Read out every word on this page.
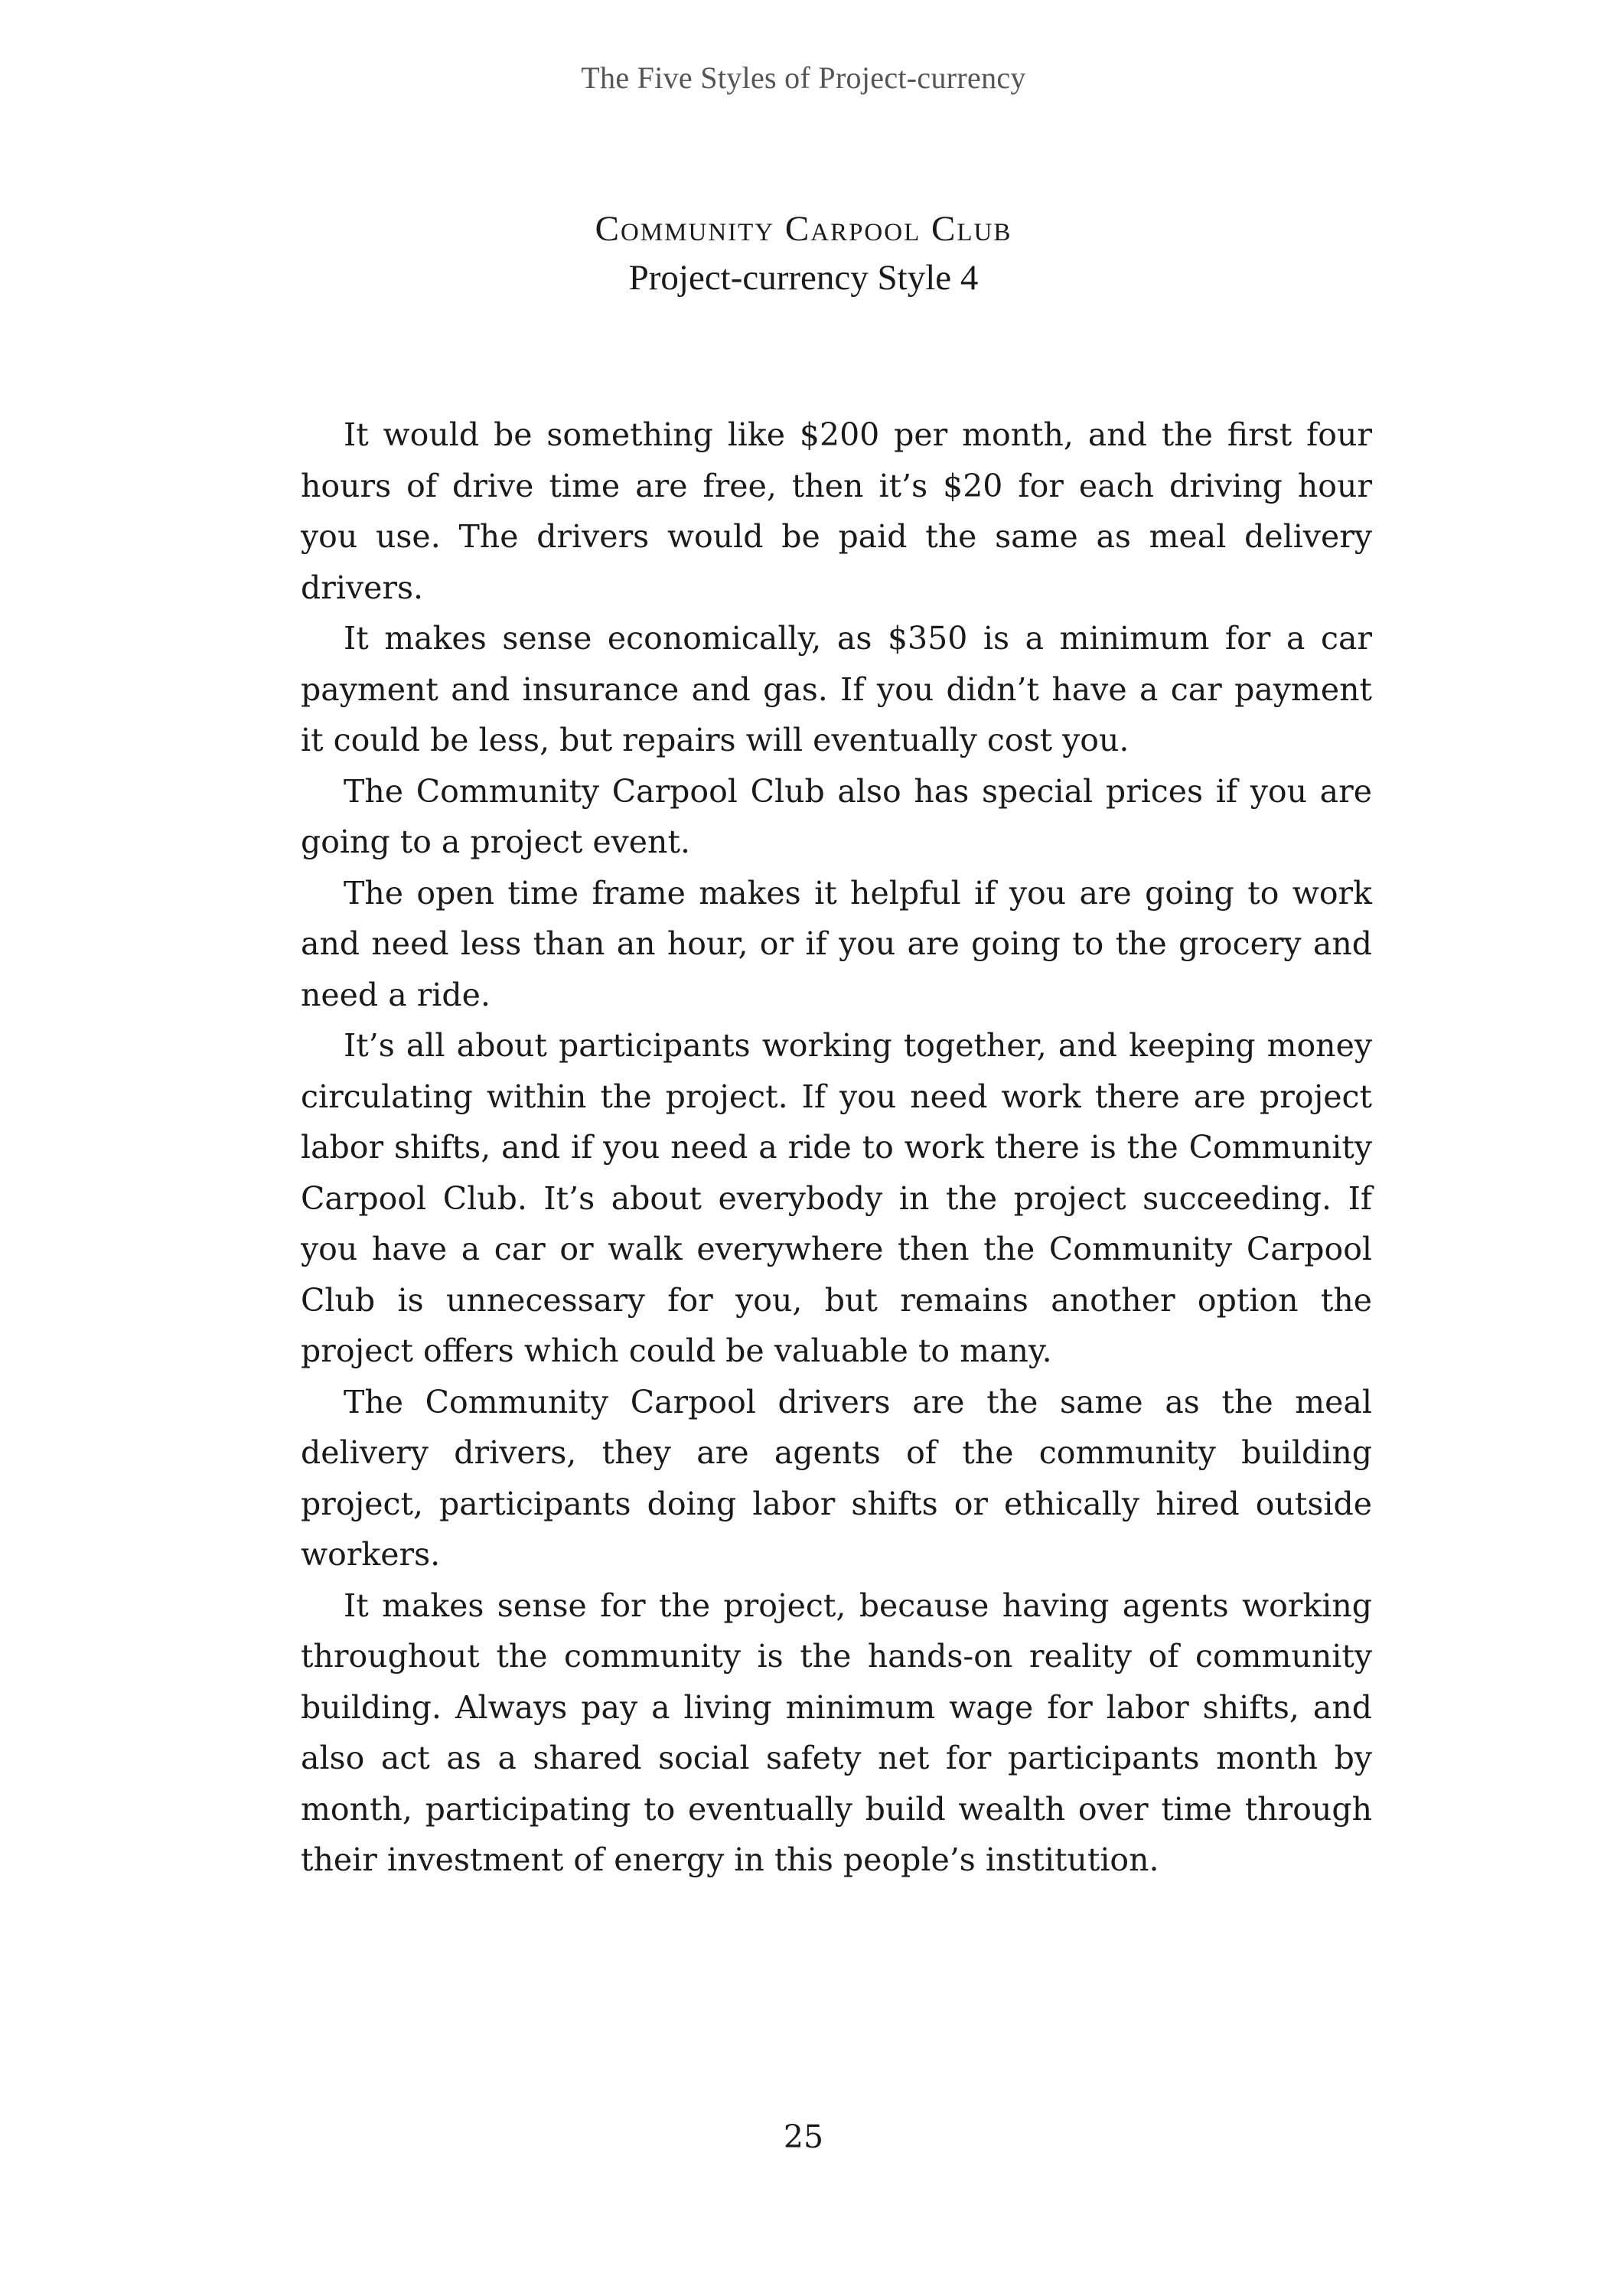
The Five Styles of Project-currency
Community Carpool Club
Project-currency Style 4

It would be something like $200 per month, and the first four hours of drive time are free, then it’s $20 for each driving hour you use. The drivers would be paid the same as meal delivery drivers.

It makes sense economically, as $350 is a minimum for a car payment and insurance and gas. If you didn’t have a car payment it could be less, but repairs will eventually cost you.

The Community Carpool Club also has special prices if you are going to a project event.

The open time frame makes it helpful if you are going to work and need less than an hour, or if you are going to the grocery and need a ride.

It’s all about participants working together, and keeping money circulating within the project. If you need work there are project labor shifts, and if you need a ride to work there is the Community Carpool Club. It’s about everybody in the project succeeding. If you have a car or walk everywhere then the Community Carpool Club is unnecessary for you, but remains another option the project offers which could be valuable to many.

The Community Carpool drivers are the same as the meal delivery drivers, they are agents of the community building project, participants doing labor shifts or ethically hired outside workers.

It makes sense for the project, because having agents working throughout the community is the hands-on reality of community building. Always pay a living minimum wage for labor shifts, and also act as a shared social safety net for participants month by month, participating to eventually build wealth over time through their investment of energy in this people’s institution.

25
